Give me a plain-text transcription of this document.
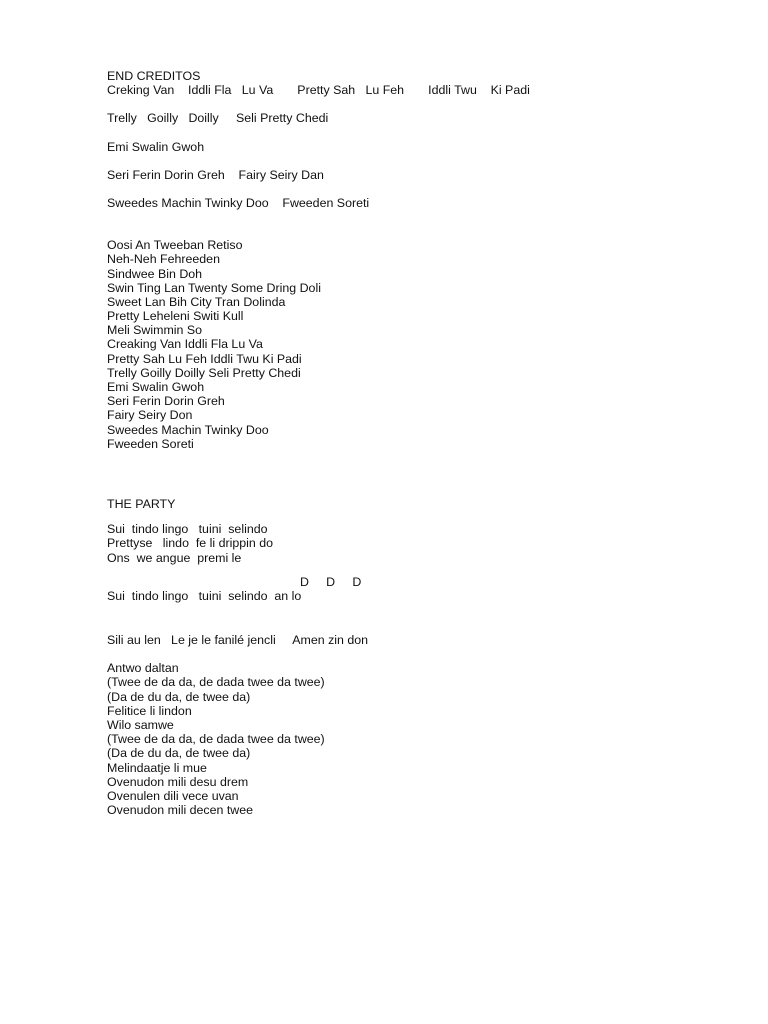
END CREDITOS
Creking Van    Iddli Fla   Lu Va       Pretty Sah   Lu Feh       Iddli Twu    Ki Padi
Trelly   Goilly   Doilly     Seli Pretty Chedi
Emi Swalin Gwoh
Seri Ferin Dorin Greh    Fairy Seiry Dan
Sweedes Machin Twinky Doo    Fweeden Soreti
Oosi An Tweeban Retiso
Neh-Neh Fehreeden
Sindwee Bin Doh
Swin Ting Lan Twenty Some Dring Doli
Sweet Lan Bih City Tran Dolinda
Pretty Leheleni Switi Kull
Meli Swimmin So
Creaking Van Iddli Fla Lu Va
Pretty Sah Lu Feh Iddli Twu Ki Padi
Trelly Goilly Doilly Seli Pretty Chedi
Emi Swalin Gwoh
Seri Ferin Dorin Greh
Fairy Seiry Don
Sweedes Machin Twinky Doo
Fweeden Soreti
THE PARTY
Sui  tindo lingo   tuini  selindo
Prettyse   lindo  fe li drippin do
Ons  we angue  premi le
D     D     D
Sui  tindo lingo   tuini  selindo  an lo
Sili au len   Le je le fanilé jencli     Amen zin don
Antwo daltan
(Twee de da da, de dada twee da twee)
(Da de du da, de twee da)
Felitice li lindon
Wilo samwe
(Twee de da da, de dada twee da twee)
(Da de du da, de twee da)
Melindaatje li mue
Ovenudon mili desu drem
Ovenulen dili vece uvan
Ovenudon mili decen twee
